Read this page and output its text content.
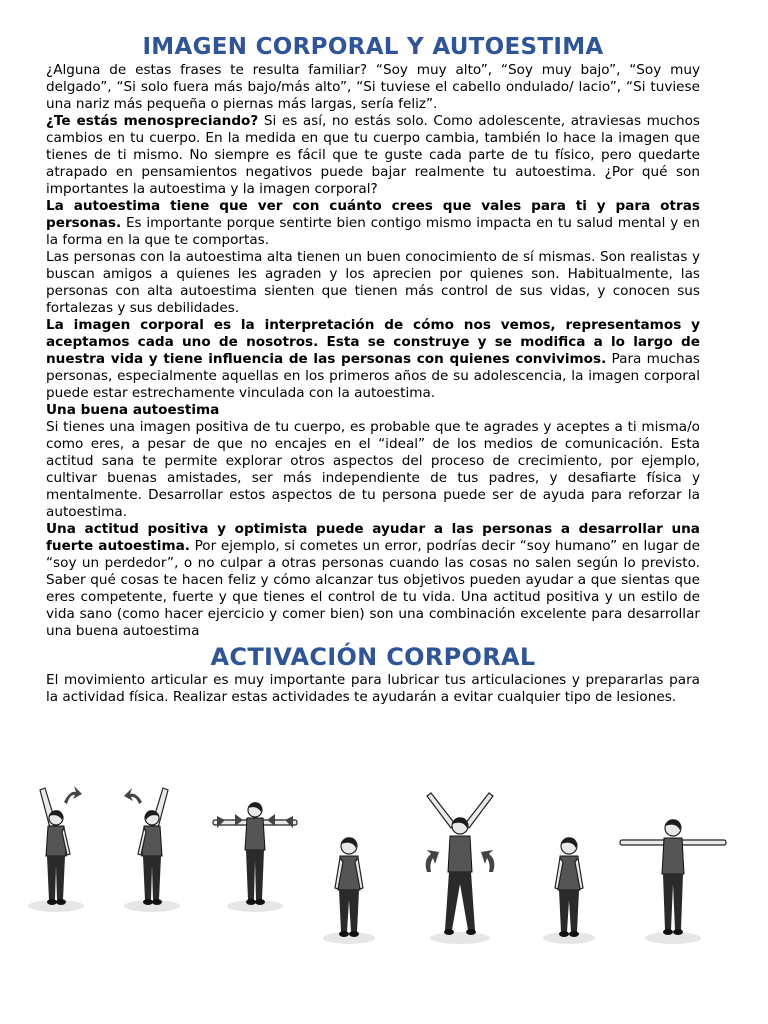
IMAGEN CORPORAL Y AUTOESTIMA

¿Alguna de estas frases te resulta familiar? “Soy muy alto”, “Soy muy bajo”, “Soy muy delgado”, “Si solo fuera más bajo/más alto”, “Si tuviese el cabello ondulado/ lacio”, “Si tuviese una nariz más pequeña o piernas más largas, sería feliz”.

¿Te estás menospreciando? Si es así, no estás solo. Como adolescente, atraviesas muchos cambios en tu cuerpo. En la medida en que tu cuerpo cambia, también lo hace la imagen que tienes de ti mismo. No siempre es fácil que te guste cada parte de tu físico, pero quedarte atrapado en pensamientos negativos puede bajar realmente tu autoestima. ¿Por qué son importantes la autoestima y la imagen corporal?

La autoestima tiene que ver con cuánto crees que vales para ti y para otras personas. Es importante porque sentirte bien contigo mismo impacta en tu salud mental y en la forma en la que te comportas.

Las personas con la autoestima alta tienen un buen conocimiento de sí mismas. Son realistas y buscan amigos a quienes les agraden y los aprecien por quienes son. Habitualmente, las personas con alta autoestima sienten que tienen más control de sus vidas, y conocen sus fortalezas y sus debilidades.

La imagen corporal es la interpretación de cómo nos vemos, representamos y aceptamos cada uno de nosotros. Esta se construye y se modifica a lo largo de nuestra vida y tiene influencia de las personas con quienes convivimos. Para muchas personas, especialmente aquellas en los primeros años de su adolescencia, la imagen corporal puede estar estrechamente vinculada con la autoestima.

Una buena autoestima

Si tienes una imagen positiva de tu cuerpo, es probable que te agrades y aceptes a ti misma/o como eres, a pesar de que no encajes en el “ideal” de los medios de comunicación. Esta actitud sana te permite explorar otros aspectos del proceso de crecimiento, por ejemplo, cultivar buenas amistades, ser más independiente de tus padres, y desafiarte física y mentalmente. Desarrollar estos aspectos de tu persona puede ser de ayuda para reforzar la autoestima.

Una actitud positiva y optimista puede ayudar a las personas a desarrollar una fuerte autoestima. Por ejemplo, si cometes un error, podrías decir “soy humano” en lugar de “soy un perdedor”, o no culpar a otras personas cuando las cosas no salen según lo previsto. Saber qué cosas te hacen feliz y cómo alcanzar tus objetivos pueden ayudar a que sientas que eres competente, fuerte y que tienes el control de tu vida. Una actitud positiva y un estilo de vida sano (como hacer ejercicio y comer bien) son una combinación excelente para desarrollar una buena autoestima

ACTIVACIÓN CORPORAL

El movimiento articular es muy importante para lubricar tus articulaciones y prepararlas para la actividad física. Realizar estas actividades te ayudarán a evitar cualquier tipo de lesiones.
